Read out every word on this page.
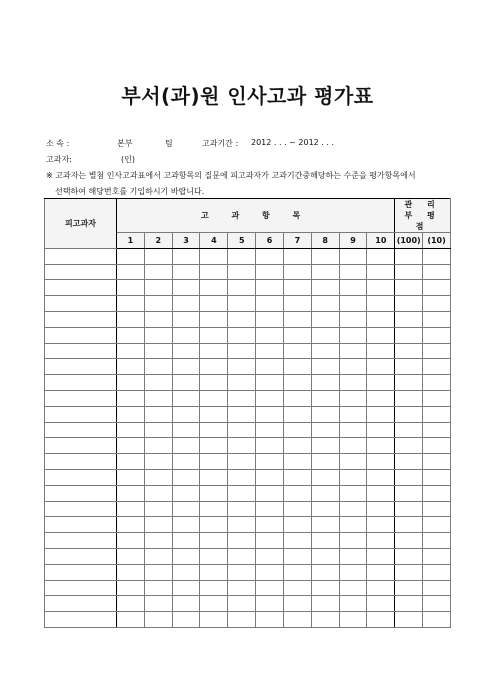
부서(과)원 인사고과 평가표
소 속 :	본부	팀	고과기간 : 2012 . . . ~ 2012 . . .
고과자:	(인)
※ 고과자는 별첨 인사고과표에서 고과항목의 질문에 피고과자가 고과기간중해당하는 수준을 평가항목에서
선택하여 해당번호를 기입하시기 바랍니다.
피고과자	고 과 항 목										관 리 부 평 점	
	1	2	3	4	5	6	7	8	9	10	(100)	(10)
